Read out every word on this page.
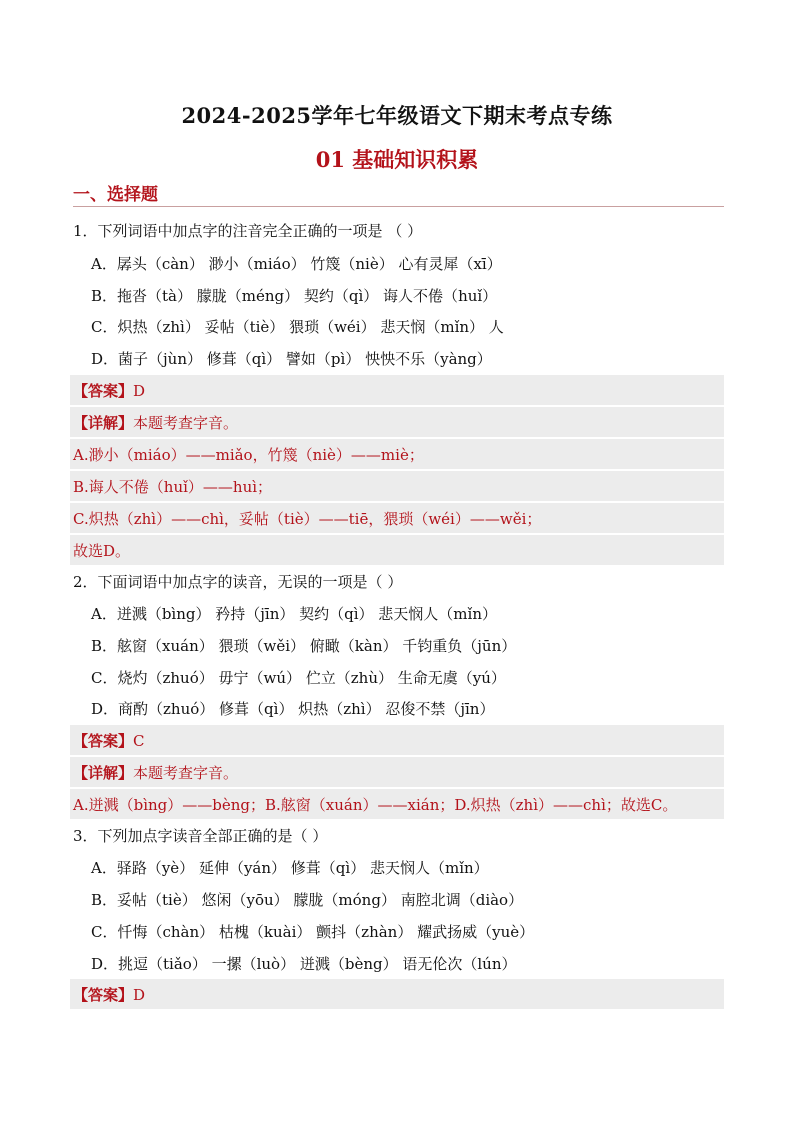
2024-2025学年七年级语文下期末考点专练
01 基础知识积累
一、选择题
1．下列词语中加点字的注音完全正确的一项是 （ ）
A．孱头（càn） 渺小（miáo） 竹篾（niè） 心有灵犀（xī）
B．拖沓（tà） 朦胧（méng） 契约（qì） 诲人不倦（huǐ）
C．炽热（zhì） 妥帖（tiè） 猥琐（wéi） 悲天悯（mǐn） 人
D．菌子（jùn） 修葺（qì） 譬如（pì） 怏怏不乐（yàng）
【答案】D
【详解】本题考查字音。
A.渺小（miáo）——miǎo，竹篾（niè）——miè；
B.诲人不倦（huǐ）——huì；
C.炽热（zhì）——chì，妥帖（tiè）——tiē，猥琐（wéi）——wěi；
故选D。
2．下面词语中加点字的读音，无误的一项是（ ）
A．迸溅（bìng） 矜持（jīn） 契约（qì） 悲天悯人（mǐn）
B．舷窗（xuán） 猥琐（wěi） 俯瞰（kàn） 千钧重负（jūn）
C．烧灼（zhuó） 毋宁（wú） 伫立（zhù） 生命无虞（yú）
D．商酌（zhuó） 修葺（qì） 炽热（zhì） 忍俊不禁（jīn）
【答案】C
【详解】本题考查字音。
A.迸溅（bìng）——bèng；B.舷窗（xuán）——xián；D.炽热（zhì）——chì；故选C。
3．下列加点字读音全部正确的是（ ）
A．驿路（yè） 延伸（yán） 修葺（qì） 悲天悯人（mǐn）
B．妥帖（tiè） 悠闲（yōu） 朦胧（móng） 南腔北调（diào）
C．忏悔（chàn） 枯槐（kuài） 颤抖（zhàn） 耀武扬威（yuè）
D．挑逗（tiǎo） 一摞（luò） 迸溅（bèng） 语无伦次（lún）
【答案】D
